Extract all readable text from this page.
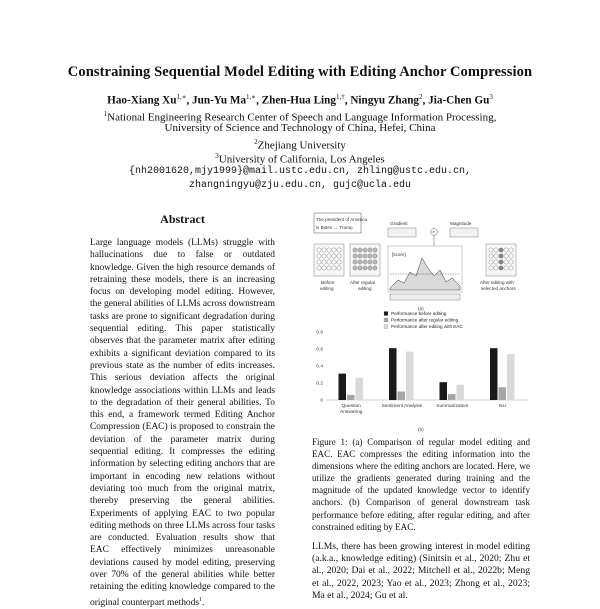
Constraining Sequential Model Editing with Editing Anchor Compression
Hao-Xiang $Xu^{1,∗}$, Jun-Yu $Ma^{1,∗}$, Zhen-Hua Ling$^{1,\dagger}$, Ningyu Zhang$^2$, Jia-Chen Gu$^3$
$^1$National Engineering Research Center of Speech and Language Information Processing,
University of Science and Technology of China, Hefei, China
$^2$Zhejiang University
$^3$University of California, Los Angeles
{nh2001620,mjy1999}@mail.ustc.edu.cn, zhling@ustc.edu.cn,
zhangningyu@zju.edu.cn, gujc@ucla.edu
Abstract
Large language models (LLMs) struggle with hallucinations due to false or outdated knowledge. Given the high resource demands of retraining these models, there is an increasing focus on developing model editing. However, the general abilities of LLMs across downstream tasks are prone to significant degradation during sequential editing. This paper statistically observes that the parameter matrix after editing exhibits a significant deviation compared to its previous state as the number of edits increases. This serious deviation affects the original knowledge associations within LLMs and leads to the degradation of their general abilities. To this end, a framework termed Editing Anchor Compression (EAC) is proposed to constrain the deviation of the parameter matrix during sequential editing. It compresses the editing information by selecting editing anchors that are important in encoding new relations without deviating too much from the original matrix, thereby preserving the general abilities. Experiments of applying EAC to two popular editing methods on three LLMs across four tasks are conducted. Evaluation results show that EAC effectively minimizes unreasonable deviations caused by model editing, preserving over 70% of the general abilities while better retaining the editing knowledge compared to the original counterpart methods$^1$.
The president of America
is Biden → Trump
Gradient	Magnitude
×
[score]
Before
editing
After regular
editing
After editing with
selected anchors
(a)
0
0.2
0.4
0.6
0.8
Question
Answering
Sentiment Analysis	Summarization	NLI
Performance before editing
Performance after regular editing
Performance after editing with EAC
(b)
Figure 1: (a) Comparison of regular model editing and EAC. EAC compresses the editing information into the dimensions where the editing anchors are located. Here, we utilize the gradients generated during training and the magnitude of the updated knowledge vector to identify anchors. (b) Comparison of general downstream task performance before editing, after regular editing, and after constrained editing by EAC.
LLMs, there has been growing interest in model editing (a.k.a., knowledge editing) (Sinitsin et al., 2020; Zhu et al., 2020; Dai et al., 2022; Mitchell et al., 2022b; Meng et al., 2022, 2023; Yao et al., 2023; Zhong et al., 2023; Ma et al., 2024; Gu et al.
